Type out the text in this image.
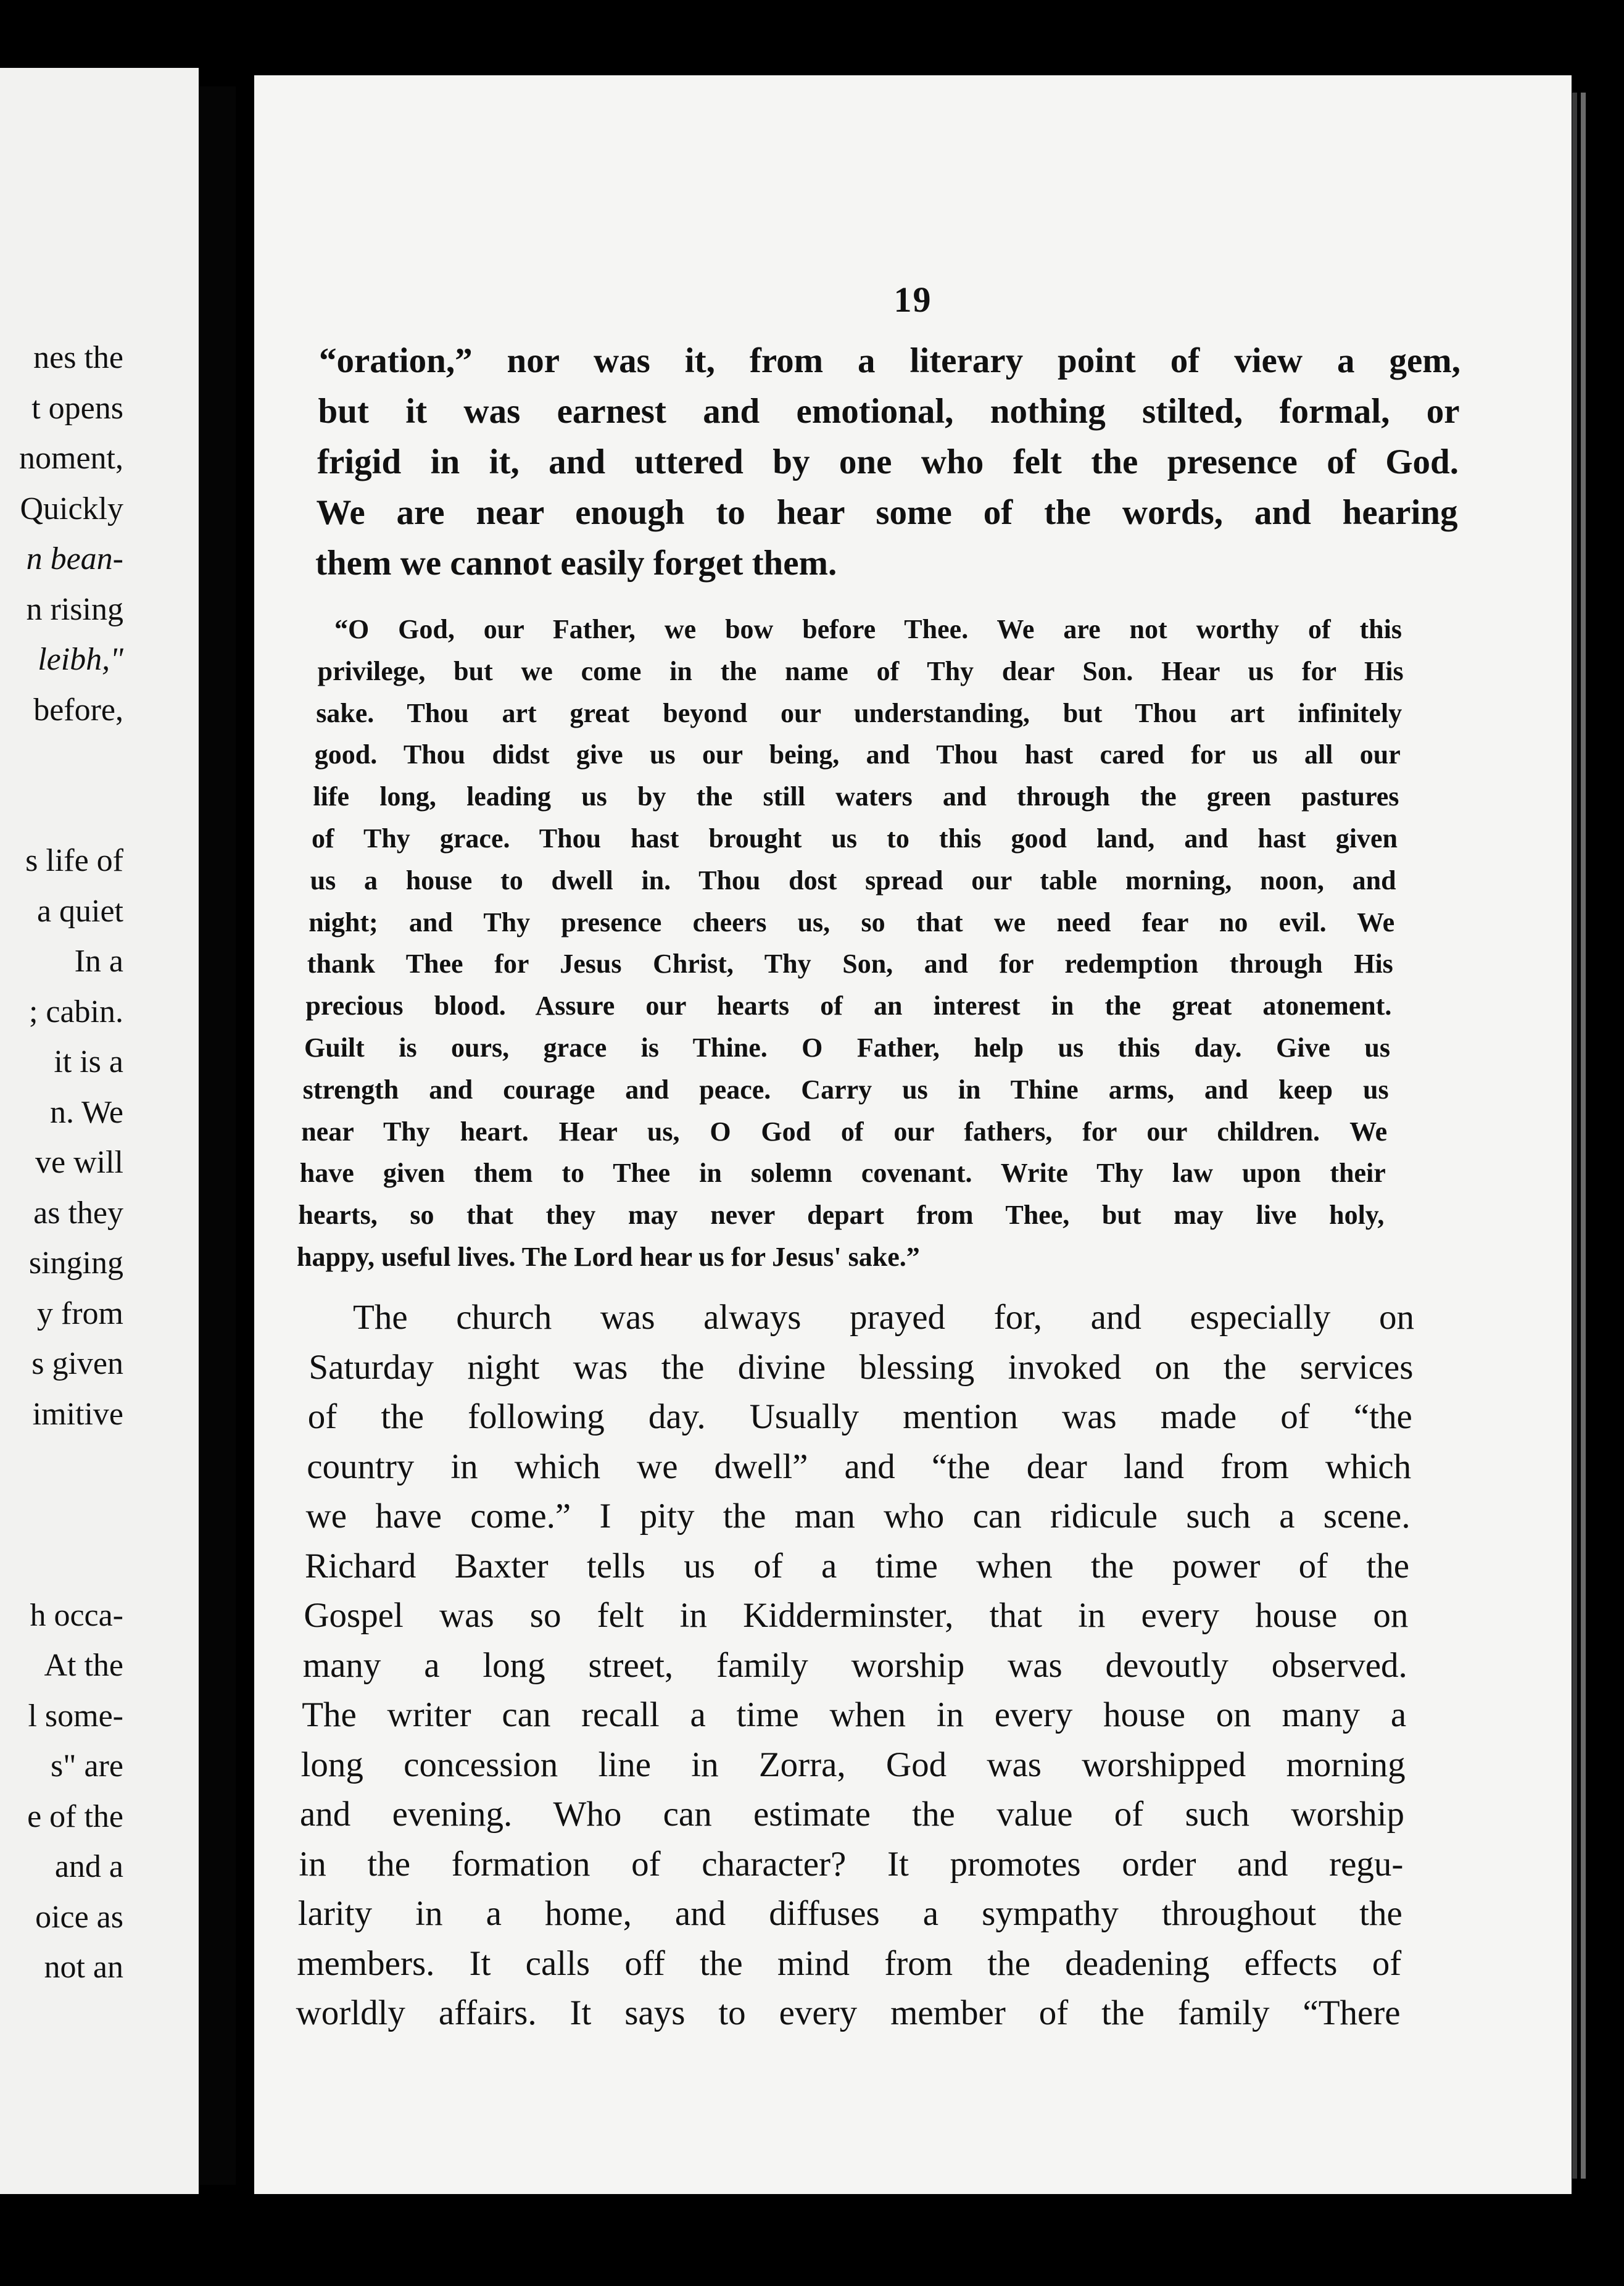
nes the
t opens
noment,
Quickly
n bean-
n rising
leibh,"
before,
s life of
a quiet
In a
; cabin.
it is a
n. We
ve will
as they
singing
y from
s given
imitive
h occa-
At the
l some-
s" are
e of the
and a
oice as
not an
19
“oration,” nor was it, from a literary point of view a gem,
but it was earnest and emotional, nothing stilted, formal, or
frigid in it, and uttered by one who felt the presence of God.
We are near enough to hear some of the words, and hearing
them we cannot easily forget them.
“O God, our Father, we bow before Thee. We are not worthy of this
privilege, but we come in the name of Thy dear Son. Hear us for His
sake. Thou art great beyond our understanding, but Thou art infinitely
good. Thou didst give us our being, and Thou hast cared for us all our
life long, leading us by the still waters and through the green pastures
of Thy grace. Thou hast brought us to this good land, and hast given
us a house to dwell in. Thou dost spread our table morning, noon, and
night; and Thy presence cheers us, so that we need fear no evil. We
thank Thee for Jesus Christ, Thy Son, and for redemption through His
precious blood. Assure our hearts of an interest in the great atonement.
Guilt is ours, grace is Thine. O Father, help us this day. Give us
strength and courage and peace. Carry us in Thine arms, and keep us
near Thy heart. Hear us, O God of our fathers, for our children. We
have given them to Thee in solemn covenant. Write Thy law upon their
hearts, so that they may never depart from Thee, but may live holy,
happy, useful lives. The Lord hear us for Jesus' sake.”
The church was always prayed for, and especially on
Saturday night was the divine blessing invoked on the services
of the following day. Usually mention was made of “the
country in which we dwell” and “the dear land from which
we have come.” I pity the man who can ridicule such a scene.
Richard Baxter tells us of a time when the power of the
Gospel was so felt in Kidderminster, that in every house on
many a long street, family worship was devoutly observed.
The writer can recall a time when in every house on many a
long concession line in Zorra, God was worshipped morning
and evening. Who can estimate the value of such worship
in the formation of character? It promotes order and regu-
larity in a home, and diffuses a sympathy throughout the
members. It calls off the mind from the deadening effects of
worldly affairs. It says to every member of the family “There
